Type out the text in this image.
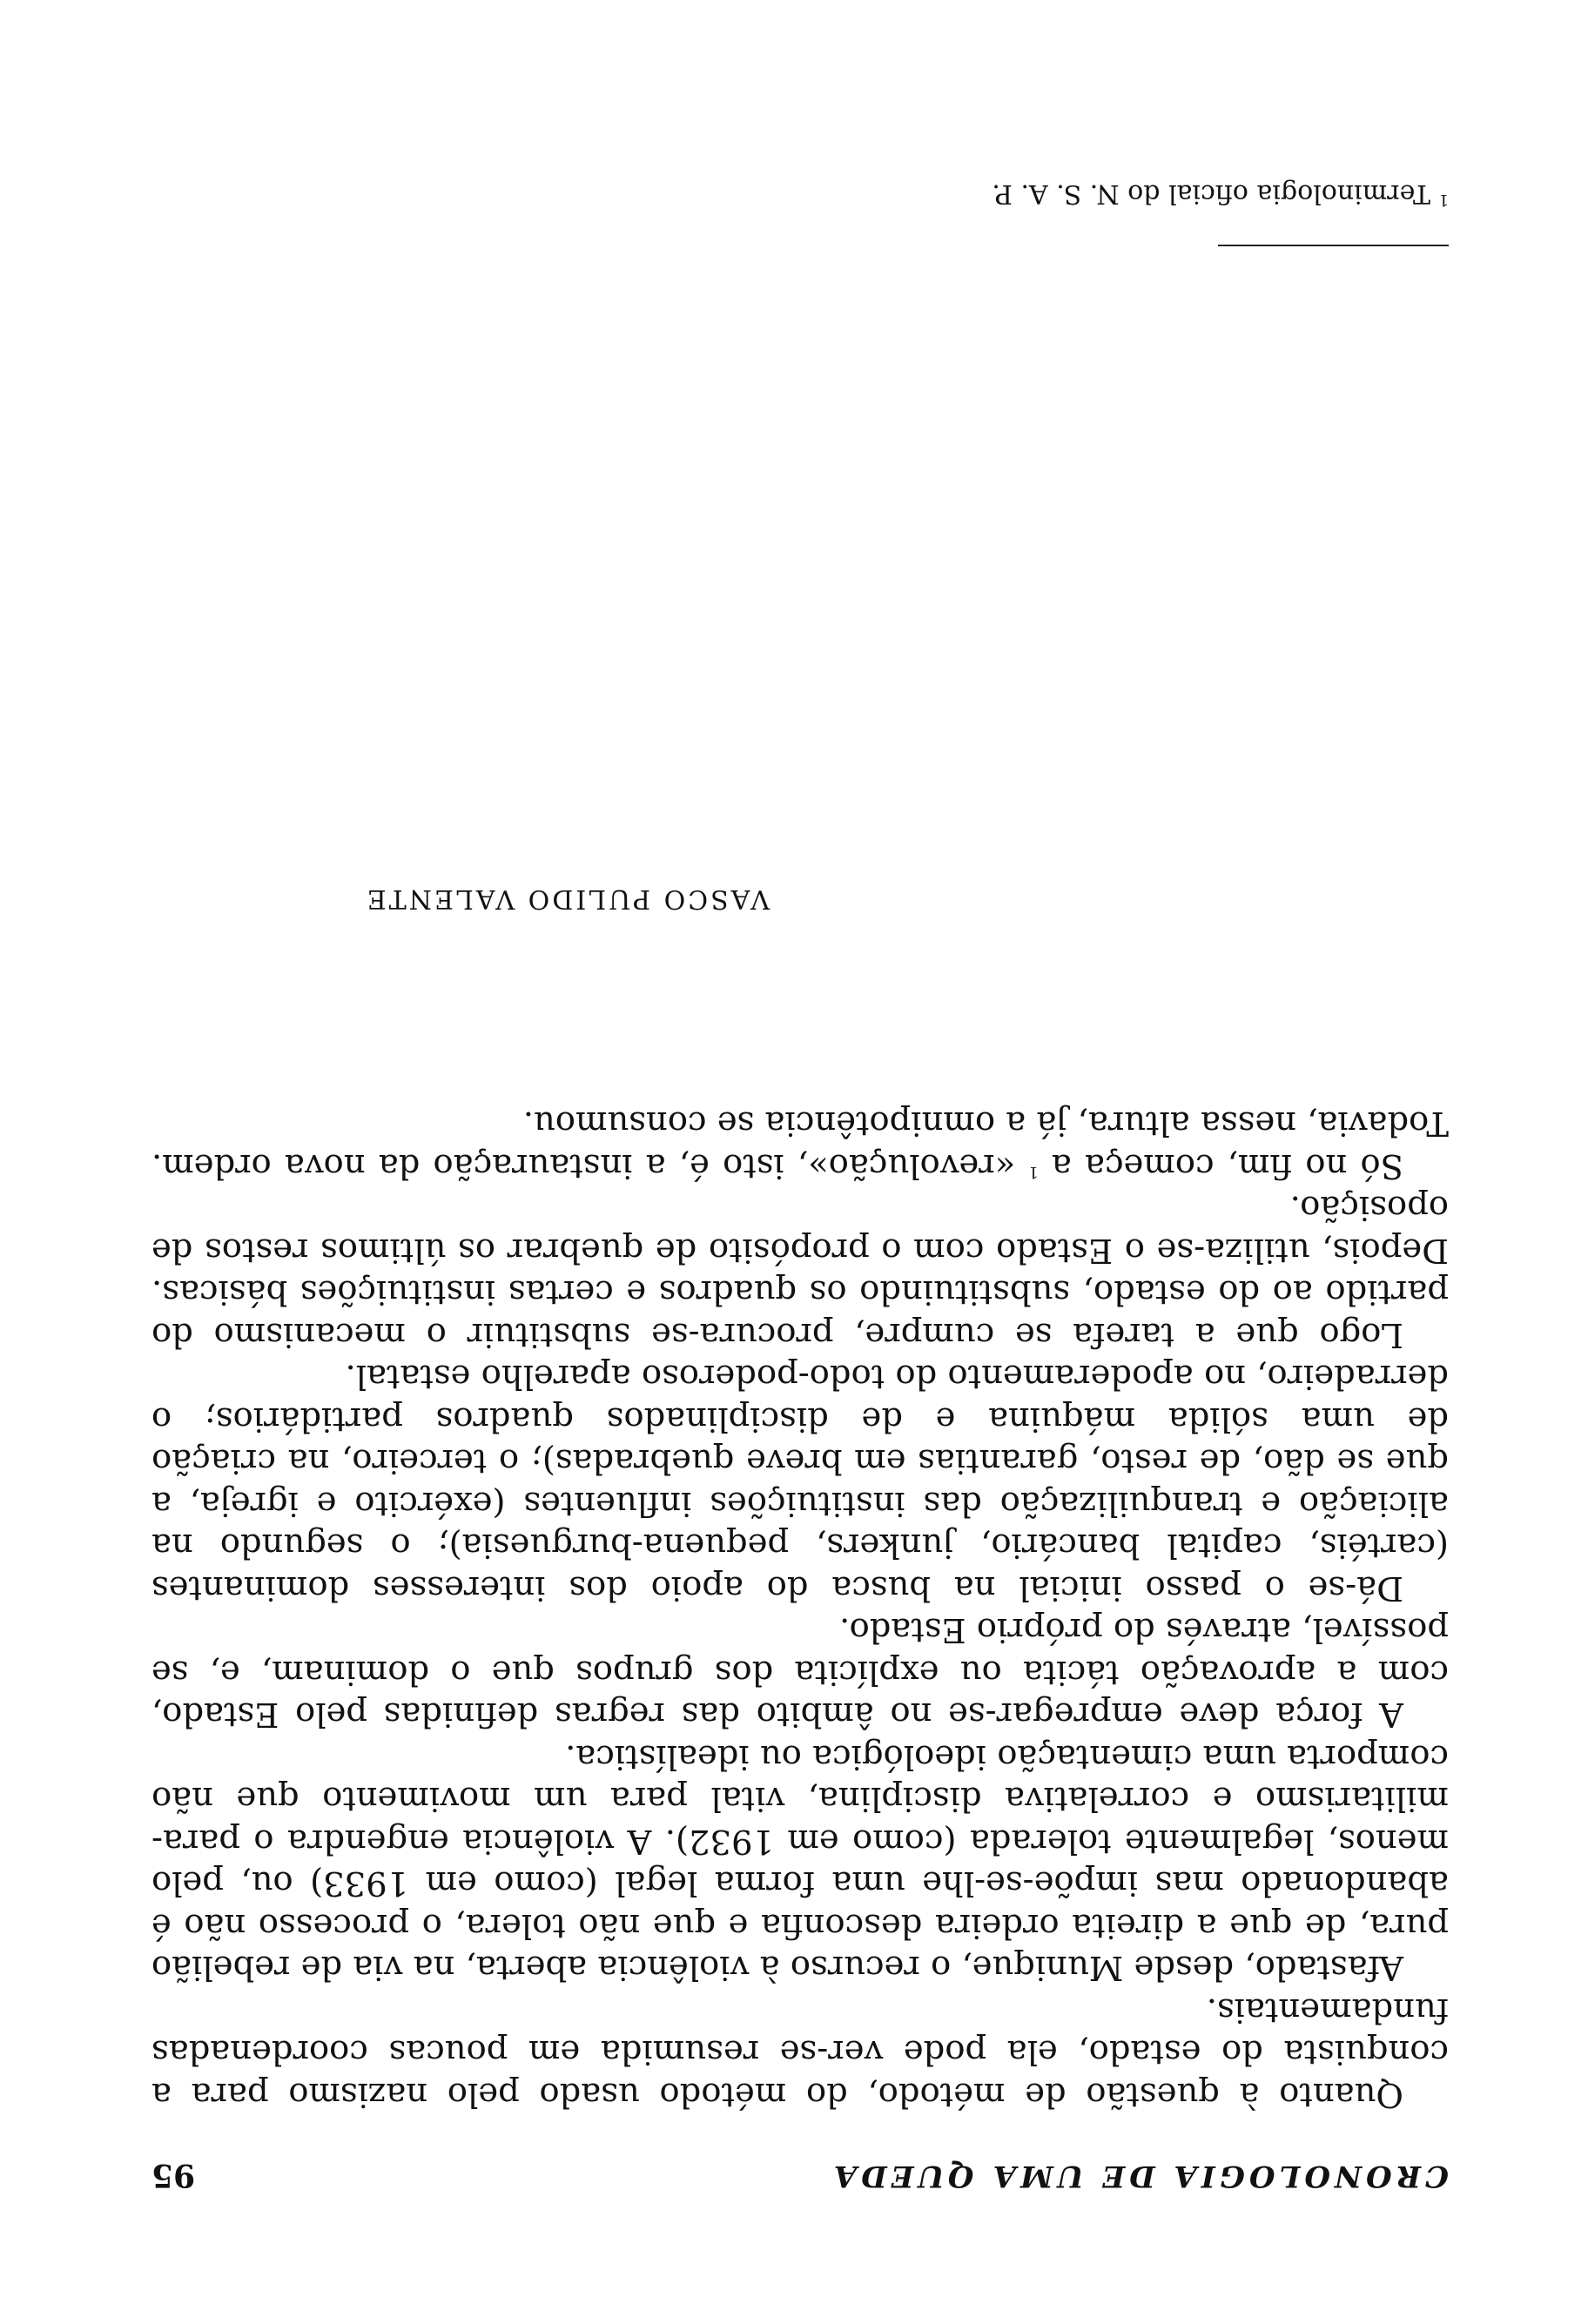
CRONOLOGIA DE UMA QUEDA
95

Quanto à questão de método, do método usado pelo nazismo para a conquista do estado, ela pode ver-se resumida em poucas coordenadas fundamentais.

Afastado, desde Munique, o recurso à violência aberta, na via de rebelião pura, de que a direita ordeira desconfia e que não tolera, o processo não é abandonado mas impõe-se-lhe uma forma legal (como em 1933) ou, pelo menos, legalmente tolerada (como em 1932). A violência engendra o para-militarismo e correlativa disciplina, vital para um movimento que não comporta uma cimentação ideológica ou idealística.

A força deve empregar-se no âmbito das regras definidas pelo Estado, com a aprovação tácita ou explícita dos grupos que o dominam, e, se possível, através do próprio Estado.

Dá-se o passo inicial na busca do apoio dos interesses dominantes (cartéis, capital bancário, junkers, pequena-burguesia); o segundo na aliciação e tranquilização das instituições influentes (exército e igreja, a que se dão, de resto, garantias em breve quebradas); o terceiro, na criação de uma sólida máquina e de disciplinados quadros partidários; o derradeiro, no apoderamento do todo-poderoso aparelho estatal.

Logo que a tarefa se cumpre, procura-se substituir o mecanismo do partido ao do estado, substituindo os quadros e certas instituições básicas. Depois, utiliza-se o Estado com o propósito de quebrar os últimos restos de oposição.

Só no fim, começa a $^1$ «revolução», isto é, a instauração da nova ordem. Todavia, nessa altura, já a omnipotência se consumou.

VASCO PULIDO VALENTE
$^1$ Terminologia oficial do N. S. A. P.
